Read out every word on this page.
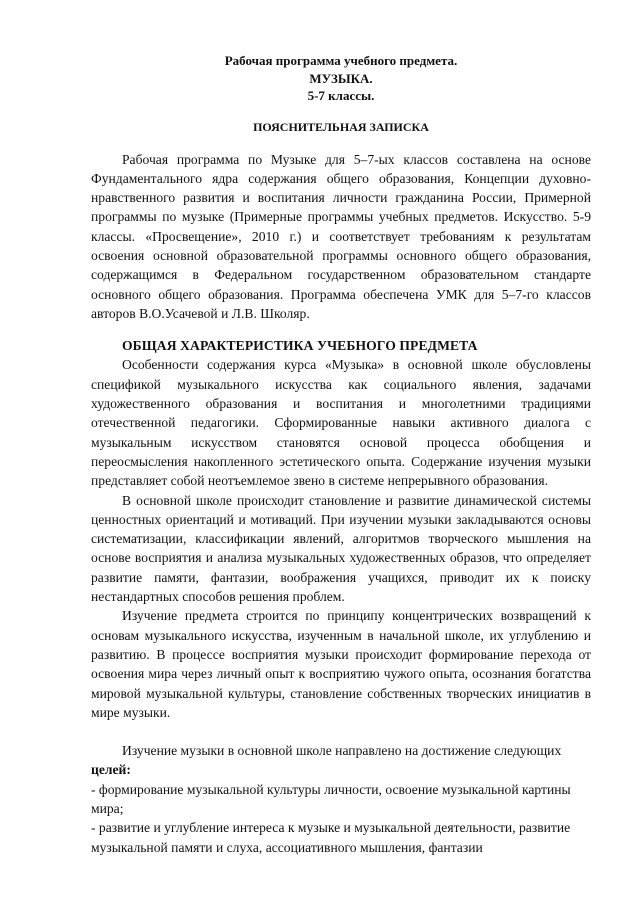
Рабочая программа учебного предмета.
МУЗЫКА.
5-7 классы.
ПОЯСНИТЕЛЬНАЯ ЗАПИСКА

Рабочая программа по Музыке для 5–7-ых классов составлена на основе Фундаментального ядра содержания общего образования, Концепции духовно-нравственного развития и воспитания личности гражданина России, Примерной программы по музыке (Примерные программы учебных предметов. Искусство. 5-9 классы. «Просвещение», 2010 г.) и соответствует требованиям к результатам освоения основной образовательной программы основного общего образования, содержащимся в Федеральном государственном образовательном стандарте основного общего образования. Программа обеспечена УМК для 5–7-го классов авторов В.О.Усачевой и Л.В. Школяр.

ОБЩАЯ ХАРАКТЕРИСТИКА УЧЕБНОГО ПРЕДМЕТА

Особенности содержания курса «Музыка» в основной школе обусловлены спецификой музыкального искусства как социального явления, задачами художественного образования и воспитания и многолетними традициями отечественной педагогики. Сформированные навыки активного диалога с музыкальным искусством становятся основой процесса обобщения и переосмысления накопленного эстетического опыта. Содержание изучения музыки представляет собой неотъемлемое звено в системе непрерывного образования.

В основной школе происходит становление и развитие динамической системы ценностных ориентаций и мотиваций. При изучении музыки закладываются основы систематизации, классификации явлений, алгоритмов творческого мышления на основе восприятия и анализа музыкальных художественных образов, что определяет развитие памяти, фантазии, воображения учащихся, приводит их к поиску нестандартных способов решения проблем.

Изучение предмета строится по принципу концентрических возвращений к основам музыкального искусства, изученным в начальной школе, их углублению и развитию. В процессе восприятия музыки происходит формирование перехода от освоения мира через личный опыт к восприятию чужого опыта, осознания богатства мировой музыкальной культуры, становление собственных творческих инициатив в мире музыки.

Изучение музыки в основной школе направлено на достижение следующих целей:

- формирование музыкальной культуры личности, освоение музыкальной картины мира;

- развитие и углубление интереса к музыке и музыкальной деятельности, развитие музыкальной памяти и слуха, ассоциативного мышления, фантазии
